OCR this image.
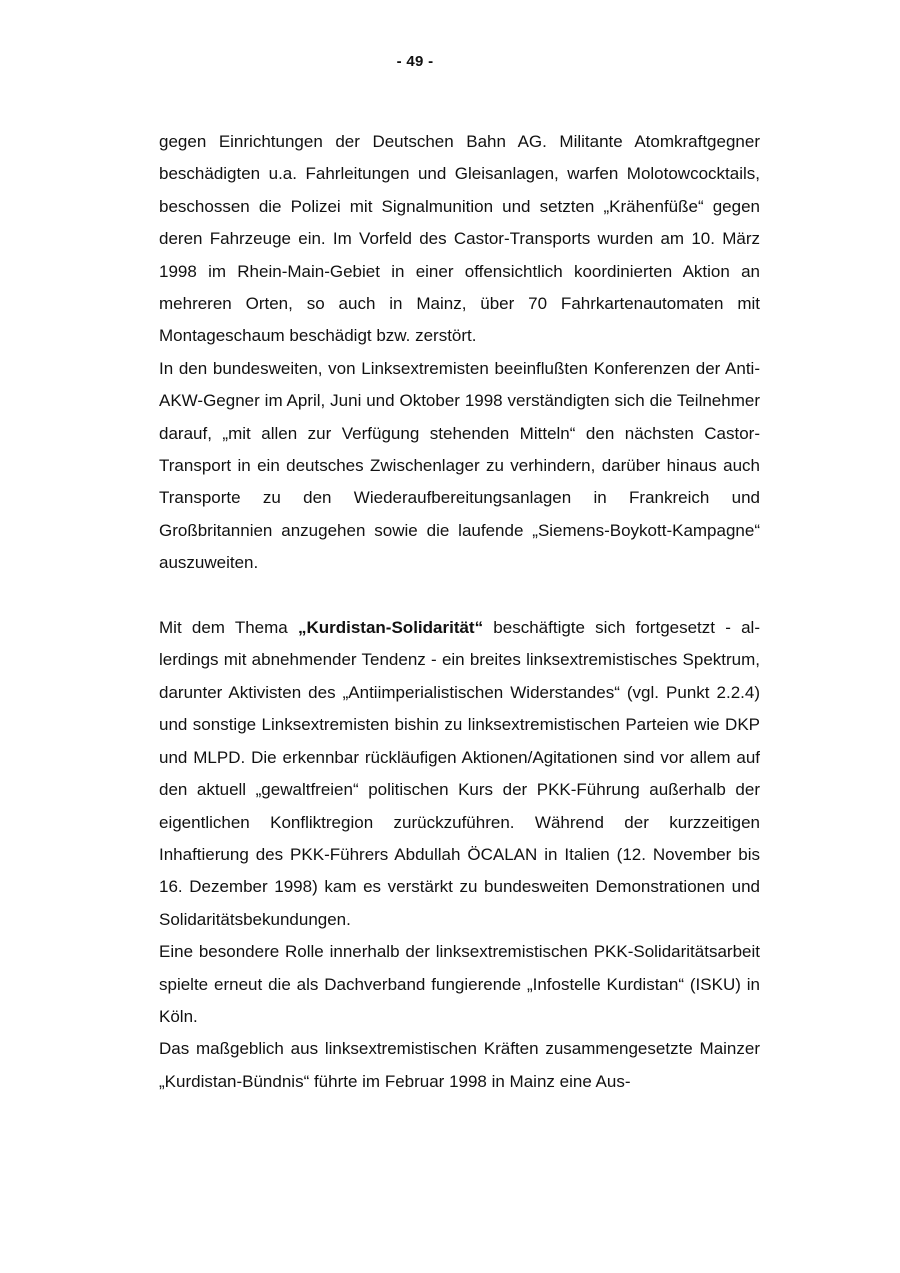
- 49 -

gegen Einrichtungen der Deutschen Bahn AG. Militante Atomkraftgegner beschädigten u.a. Fahrleitungen und Gleisanlagen, warfen Molotowcocktails, beschossen die Polizei mit Signalmunition und setzten „Krähenfüße“ gegen deren Fahrzeuge ein. Im Vorfeld des Castor-Transports wurden am 10. März 1998 im Rhein-Main-Gebiet in einer offensichtlich koordinierten Aktion an mehreren Orten, so auch in Mainz, über 70 Fahrkartenautomaten mit Montageschaum beschädigt bzw. zerstört.

In den bundesweiten, von Linksextremisten beeinflußten Konferenzen der Anti-AKW-Gegner im April, Juni und Oktober 1998 verständigten sich die Teilnehmer darauf, „mit allen zur Verfügung stehenden Mitteln“ den nächsten Castor-Transport in ein deutsches Zwischenlager zu verhindern, darüber hinaus auch Transporte zu den Wiederaufbereitungsanlagen in Frankreich und Großbritannien anzugehen sowie die laufende „Siemens-Boykott-Kampagne“ auszuweiten.

Mit dem Thema „Kurdistan-Solidarität“ beschäftigte sich fortgesetzt - allerdings mit abnehmender Tendenz - ein breites linksextremistisches Spektrum, darunter Aktivisten des „Antiimperialistischen Widerstandes“ (vgl. Punkt 2.2.4) und sonstige Linksextremisten bishin zu linksextremistischen Parteien wie DKP und MLPD. Die erkennbar rückläufigen Aktionen/Agitationen sind vor allem auf den aktuell „gewaltfreien“ politischen Kurs der PKK-Führung außerhalb der eigentlichen Konfliktregion zurückzuführen. Während der kurzzeitigen Inhaftierung des PKK-Führers Abdullah ÖCALAN in Italien (12. November bis 16. Dezember 1998) kam es verstärkt zu bundesweiten Demonstrationen und Solidaritätsbekundungen.

Eine besondere Rolle innerhalb der linksextremistischen PKK-Solidaritätsarbeit spielte erneut die als Dachverband fungierende „Infostelle Kurdistan“ (ISKU) in Köln.

Das maßgeblich aus linksextremistischen Kräften zusammengesetzte Mainzer „Kurdistan-Bündnis“ führte im Februar 1998 in Mainz eine Aus-
